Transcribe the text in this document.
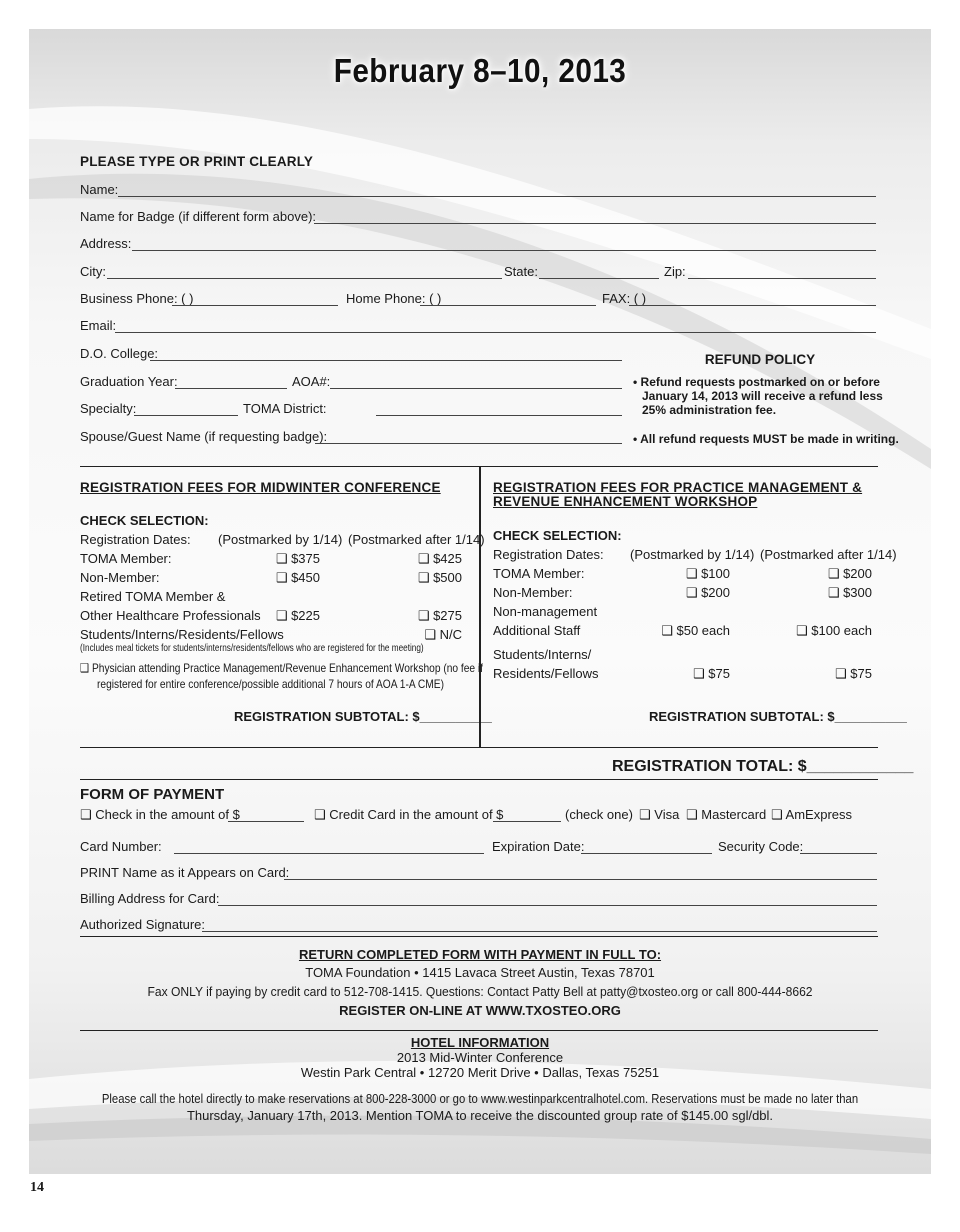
February 8–10, 2013
PLEASE TYPE OR PRINT CLEARLY
Name:
Name for Badge (if different form above):
Address:
City:	State:	Zip:
Business Phone: ( )	Home Phone: ( )	FAX: ( )
Email:
D.O. College:
Graduation Year:	AOA#:
Specialty:	TOMA District:
Spouse/Guest Name (if requesting badge):
REFUND POLICY
• Refund requests postmarked on or before
January 14, 2013 will receive a refund less
25% administration fee.
• All refund requests MUST be made in writing.
REGISTRATION FEES FOR MIDWINTER CONFERENCE
CHECK SELECTION:
Registration Dates: (Postmarked by 1/14) (Postmarked after 1/14)
TOMA Member:	❑ $375	❑ $425
Non-Member:	❑ $450	❑ $500
Retired TOMA Member &
Other Healthcare Professionals	❑ $225	❑ $275
Students/Interns/Residents/Fellows	❑ N/C
(Includes meal tickets for students/interns/residents/fellows who are registered for the meeting)
❑ Physician attending Practice Management/Revenue Enhancement Workshop (no fee if
registered for entire conference/possible additional 7 hours of AOA 1-A CME)
REGISTRATION SUBTOTAL: $__________
REGISTRATION FEES FOR PRACTICE MANAGEMENT &
REVENUE ENHANCEMENT WORKSHOP
CHECK SELECTION:
Registration Dates: (Postmarked by 1/14) (Postmarked after 1/14)
TOMA Member:	❑ $100	❑ $200
Non-Member:	❑ $200	❑ $300
Non-management
Additional Staff	❑ $50 each	❑ $100 each
Students/Interns/
Residents/Fellows	❑ $75	❑ $75
REGISTRATION SUBTOTAL: $__________
REGISTRATION TOTAL: $____________
FORM OF PAYMENT
❑ Check in the amount of $	❑ Credit Card in the amount of $	(check one) ❑ Visa ❑ Mastercard ❑ AmExpress
Card Number:	Expiration Date:	Security Code:
PRINT Name as it Appears on Card:
Billing Address for Card:
Authorized Signature:
RETURN COMPLETED FORM WITH PAYMENT IN FULL TO:
TOMA Foundation • 1415 Lavaca Street Austin, Texas 78701
Fax ONLY if paying by credit card to 512-708-1415. Questions: Contact Patty Bell at patty@txosteo.org or call 800-444-8662
REGISTER ON-LINE AT WWW.TXOSTEO.ORG
HOTEL INFORMATION
2013 Mid-Winter Conference
Westin Park Central • 12720 Merit Drive • Dallas, Texas 75251
Please call the hotel directly to make reservations at 800-228-3000 or go to www.westinparkcentralhotel.com. Reservations must be made no later than
Thursday, January 17th, 2013. Mention TOMA to receive the discounted group rate of $145.00 sgl/dbl.
14
